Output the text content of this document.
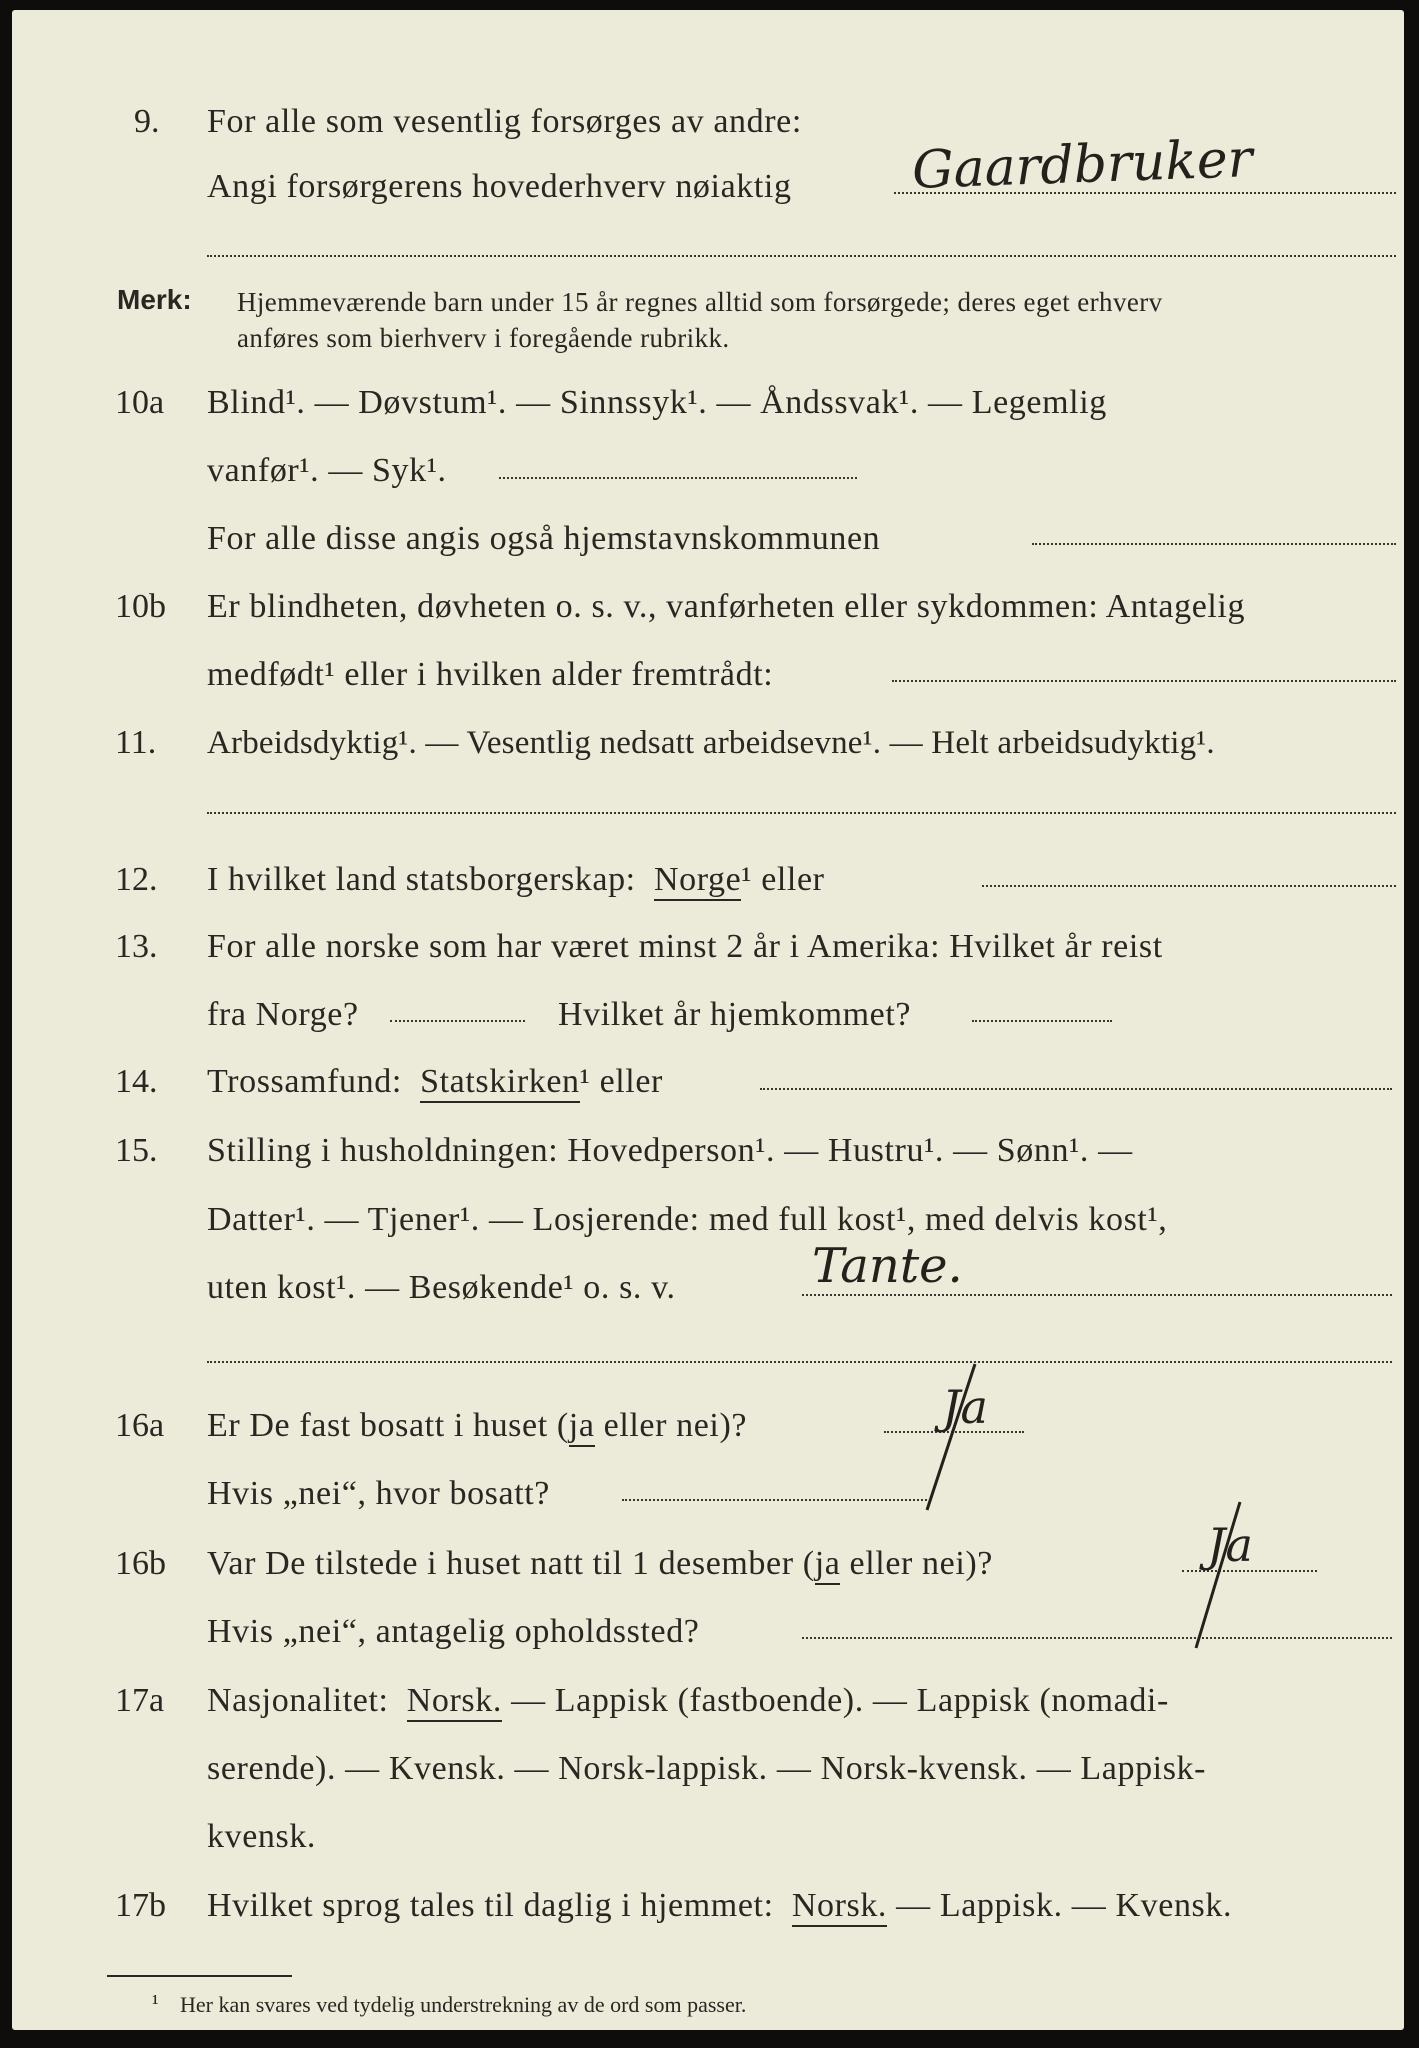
9.	For alle som vesentlig forsørges av andre:
Angi forsørgerens hovederhverv nøiaktig Gaardbruker
Merk: Hjemmeværende barn under 15 år regnes alltid som forsørgede; deres eget erhverv
anføres som bierhverv i foregående rubrikk.
10a	Blind¹. — Døvstum¹. — Sinnssyk¹. — Åndssvak¹. — Legemlig
vanfør¹. — Syk¹.
For alle disse angis også hjemstavnskommunen
10b	Er blindheten, døvheten o. s. v., vanførheten eller sykdommen: Antagelig
medfødt¹ eller i hvilken alder fremtrådt:
11.	Arbeidsdyktig¹. — Vesentlig nedsatt arbeidsevne¹. — Helt arbeidsudyktig¹.
12.	I hvilket land statsborgerskap: Norge¹ eller
13.	For alle norske som har været minst 2 år i Amerika: Hvilket år reist
fra Norge?	Hvilket år hjemkommet?
14.	Trossamfund: Statskirken¹ eller
15.	Stilling i husholdningen: Hovedperson¹. — Hustru¹. — Sønn¹. —
Datter¹. — Tjener¹. — Losjerende: med full kost¹, med delvis kost¹,
uten kost¹. — Besøkende¹ o. s. v.	Tante.
16a	Er De fast bosatt i huset (ja eller nei)?	Ja
Hvis „nei“, hvor bosatt?
16b	Var De tilstede i huset natt til 1 desember (ja eller nei)?	Ja
Hvis „nei“, antagelig opholdssted?
17a	Nasjonalitet: Norsk. — Lappisk (fastboende). — Lappisk (nomadi-
serende). — Kvensk. — Norsk-lappisk. — Norsk-kvensk. — Lappisk-
kvensk.
17b	Hvilket sprog tales til daglig i hjemmet: Norsk. — Lappisk. — Kvensk.
¹ Her kan svares ved tydelig understrekning av de ord som passer.
